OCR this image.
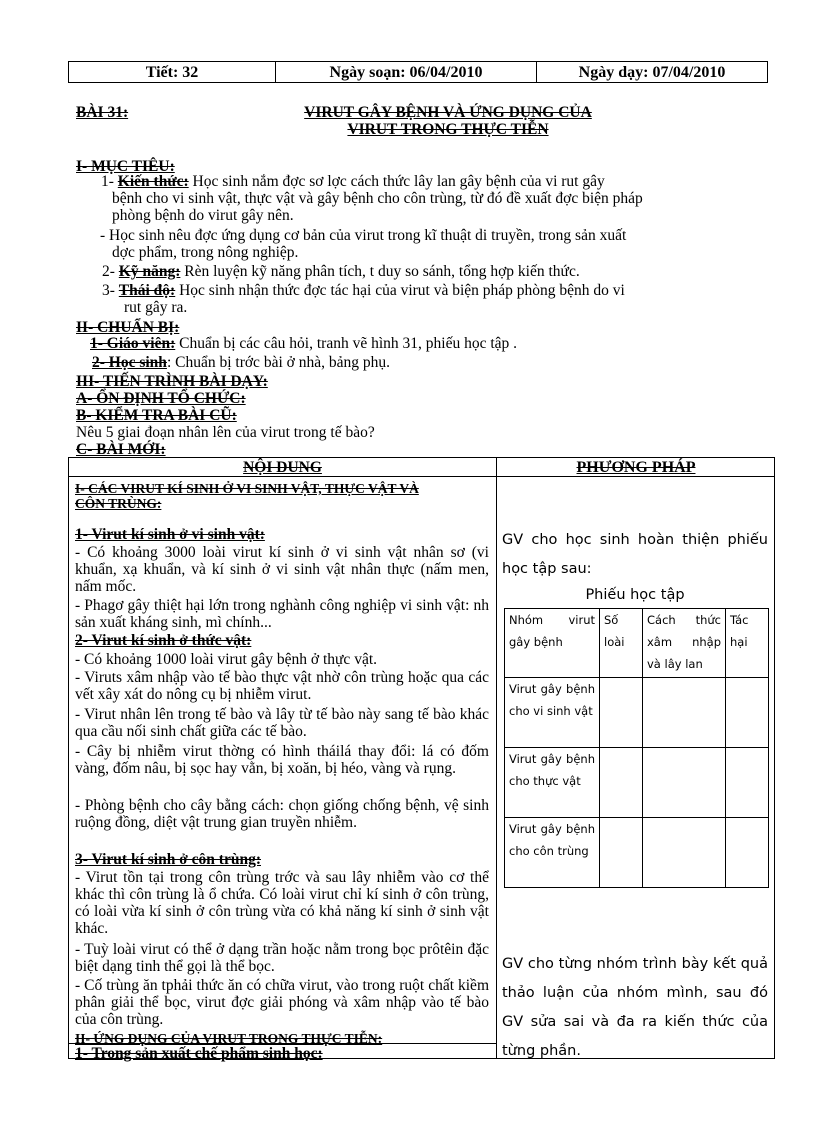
Tiết: 32	Ngày soạn: 06/04/2010	Ngày dạy: 07/04/2010
BÀI 31:	VIRUT GÂY BỆNH VÀ ỨNG DỤNG CỦA
VIRUT TRONG THỰC TIỄN
I- MỤC TIÊU:
1- Kiến thức: Học sinh nắm đợc sơ lợc cách thức lây lan gây bệnh của vi rut gây
bệnh cho vi sinh vật, thực vật và gây bệnh cho côn trùng, từ đó đề xuất đợc biện pháp
phòng bệnh do virut gây nên.
- Học sinh nêu đợc ứng dụng cơ bản của virut trong kĩ thuật di truyền, trong sản xuất
dợc phẩm, trong nông nghiệp.
2- Kỹ năng: Rèn luyện kỹ năng phân tích, t duy so sánh, tổng hợp kiến thức.
3- Thái độ: Học sinh nhận thức đợc tác hại của virut và biện pháp phòng bệnh do vi
rut gây ra.
II- CHUẨN BỊ:
1- Giáo viên: Chuẩn bị các câu hỏi, tranh vẽ hình 31, phiếu học tập .
2- Học sinh: Chuẩn bị trớc bài ở nhà, bảng phụ.
III- TIẾN TRÌNH BÀI DẠY:
A- ỔN ĐỊNH TỔ CHỨC:
B- KIỂM TRA BÀI CŨ:
Nêu 5 giai đoạn nhân lên của virut trong tế bào?
C- BÀI MỚI:
NỘI DUNG	PHƯƠNG PHÁP
I- CÁC VIRUT KÍ SINH Ở VI SINH VẬT, THỰC VẬT VÀ
CÔN TRÙNG:
1- Virut kí sinh ở vi sinh vật:
- Có khoảng 3000 loài virut kí sinh ở vi sinh vật nhân sơ (vi khuẩn, xạ khuẩn, và kí sinh ở vi sinh vật nhân thực (nấm men, nấm mốc.
- Phagơ gây thiệt hại lớn trong nghành công nghiệp vi sinh vật: nh sản xuất kháng sinh, mì chính...
2- Virut kí sinh ở thức vật:
- Có khoảng 1000 loài virut gây bệnh ở thực vật.
- Viruts xâm nhập vào tế bào thực vật nhờ côn trùng hoặc qua các vết xây xát do nông cụ bị nhiễm virut.
- Virut nhân lên trong tế bào và lây từ tế bào này sang tế bào khác qua cầu nối sinh chất giữa các tế bào.
- Cây bị nhiễm virut thờng có hình tháilá thay đổi: lá có đốm vàng, đốm nâu, bị sọc hay vằn, bị xoăn, bị héo, vàng và rụng.
- Phòng bệnh cho cây bằng cách: chọn giống chống bệnh, vệ sinh ruộng đồng, diệt vật trung gian truyền nhiễm.
3- Virut kí sinh ở côn trùng:
- Virut tồn tại trong côn trùng trớc và sau lây nhiễm vào cơ thể khác thì côn trùng là ổ chứa. Có loài virut chỉ kí sinh ở côn trùng, có loài vừa kí sinh ở côn trùng vừa có khả năng kí sinh ở sinh vật khác.
- Tuỳ loài virut có thể ở dạng trần hoặc nằm trong bọc prôtêin đặc biệt dạng tinh thể gọi là thể bọc.
- Cố trùng ăn tphải thức ăn có chữa virut, vào trong ruột chất kiềm phân giải thể bọc, virut đợc giải phóng và xâm nhập vào tế bào của côn trùng.
II- ỨNG DỤNG CỦA VIRUT TRONG THỰC TIỄN:
1- Trong sản xuất chế phẩm sinh học:
GV cho học sinh hoàn thiện phiếu học tập sau:
Phiếu học tập
Nhóm virut gây bệnh	Số loài	Cách thức xâm nhập và lây lan	Tác hại
Virut gây bệnh cho vi sinh vật			
Virut gây bệnh cho thực vật			
Virut gây bệnh cho côn trùng			
GV cho từng nhóm trình bày kết quả thảo luận của nhóm mình, sau đó GV sửa sai và đa ra kiến thức của từng phần.
